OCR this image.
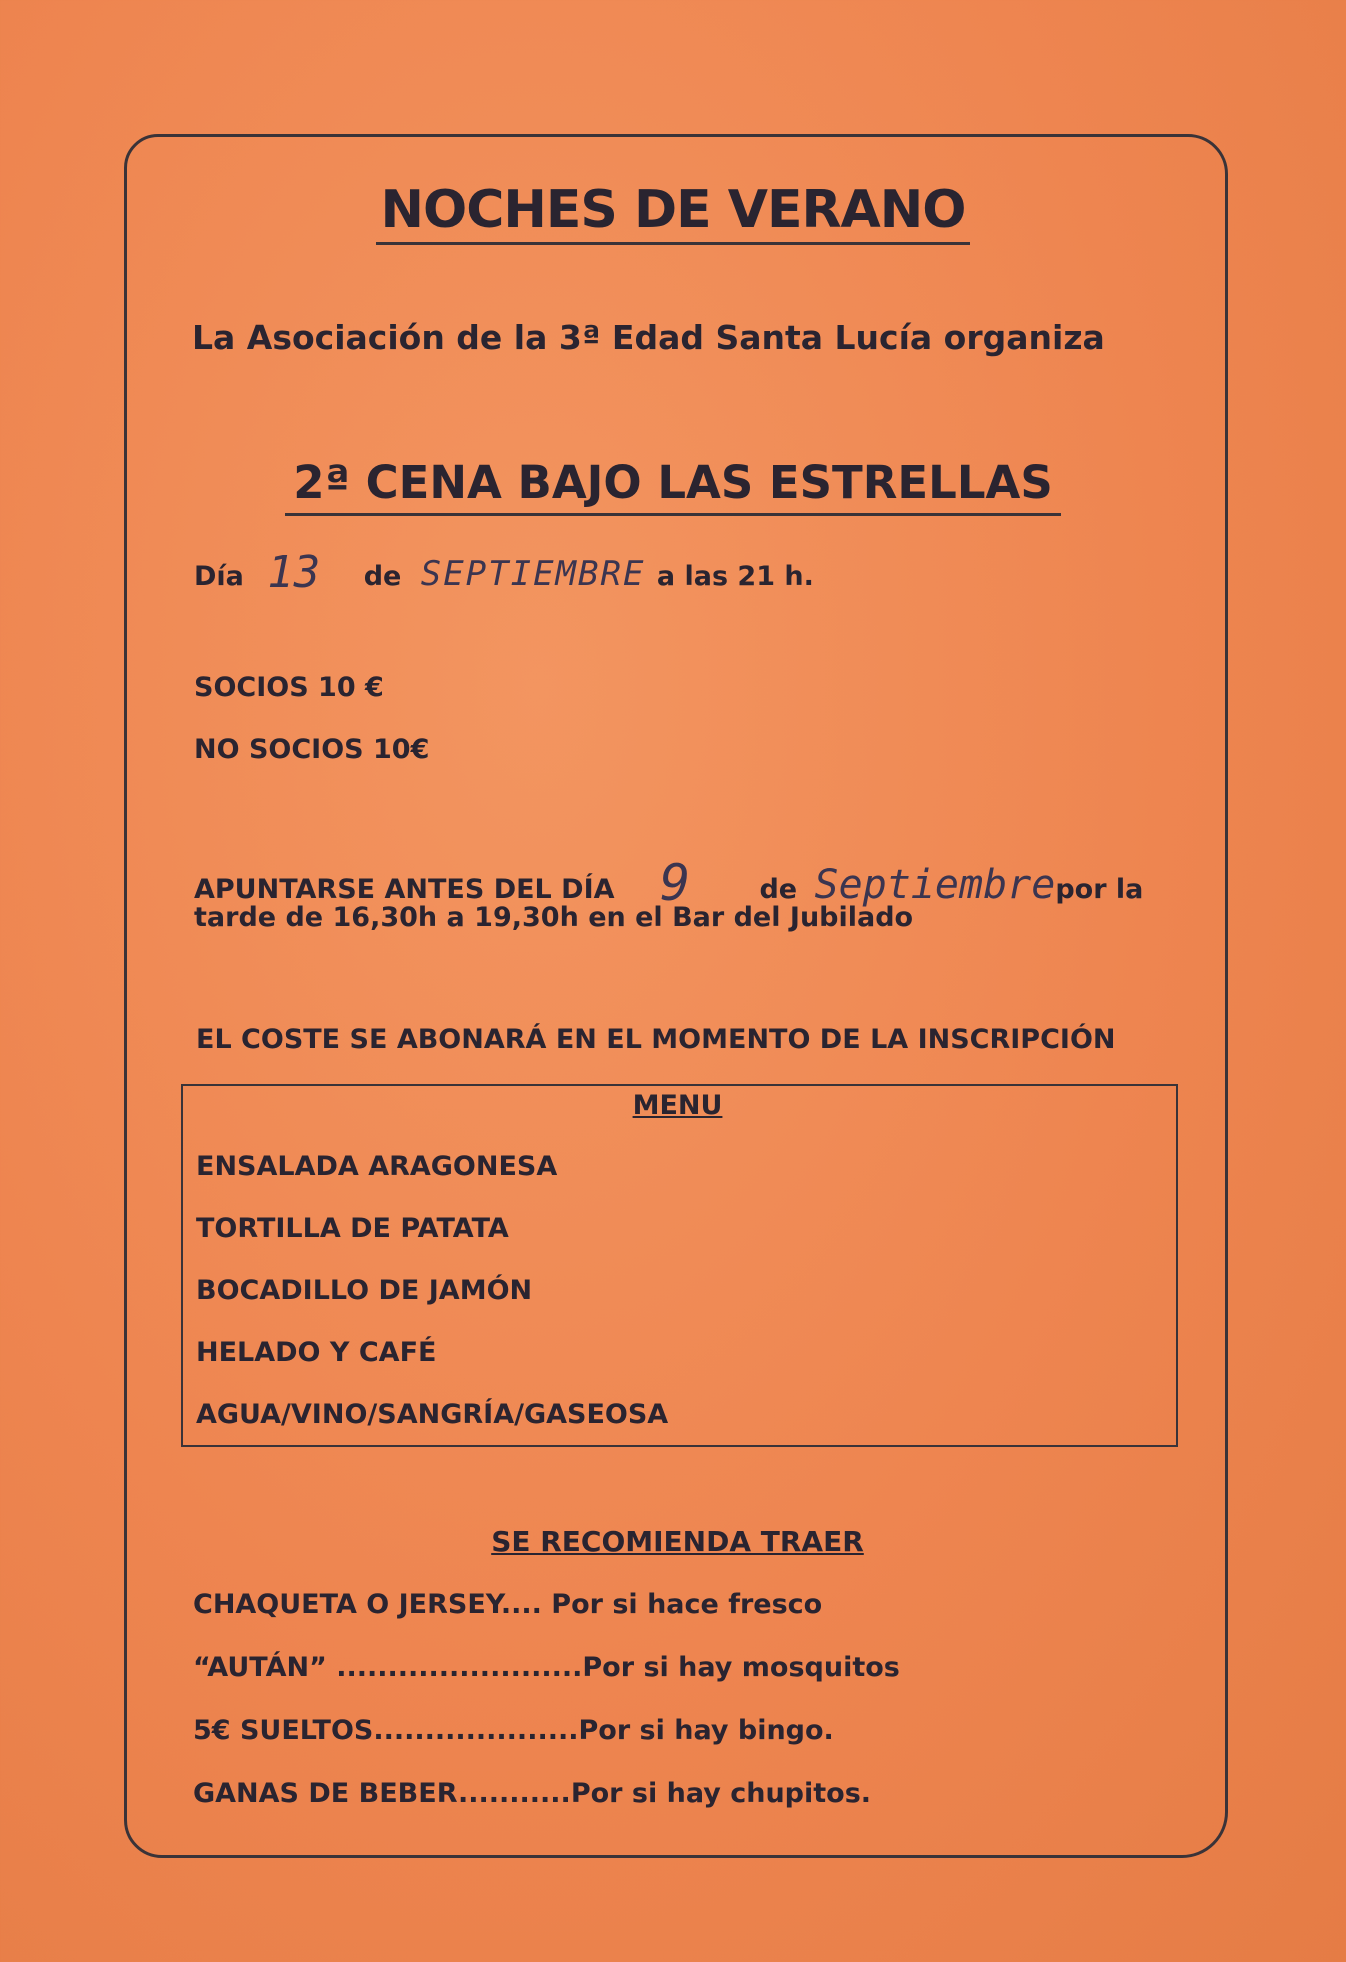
NOCHES DE VERANO
La Asociación de la 3ª Edad Santa Lucía organiza
2ª CENA BAJO LAS ESTRELLAS
Día 13 de SEPTIEMBRE a las 21 h.
SOCIOS 10 €
NO SOCIOS 10€
APUNTARSE ANTES DEL DÍA 9	de Septiembrepor la
tarde de 16,30h a 19,30h en el Bar del Jubilado
EL COSTE SE ABONARÁ EN EL MOMENTO DE LA INSCRIPCIÓN
MENU
ENSALADA ARAGONESA
TORTILLA DE PATATA
BOCADILLO DE JAMÓN
HELADO Y CAFÉ
AGUA/VINO/SANGRÍA/GASEOSA
SE RECOMIENDA TRAER
CHAQUETA O JERSEY.... Por si hace fresco
“AUTÁN” ........................Por si hay mosquitos
5€ SUELTOS....................Por si hay bingo.
GANAS DE BEBER...........Por si hay chupitos.
